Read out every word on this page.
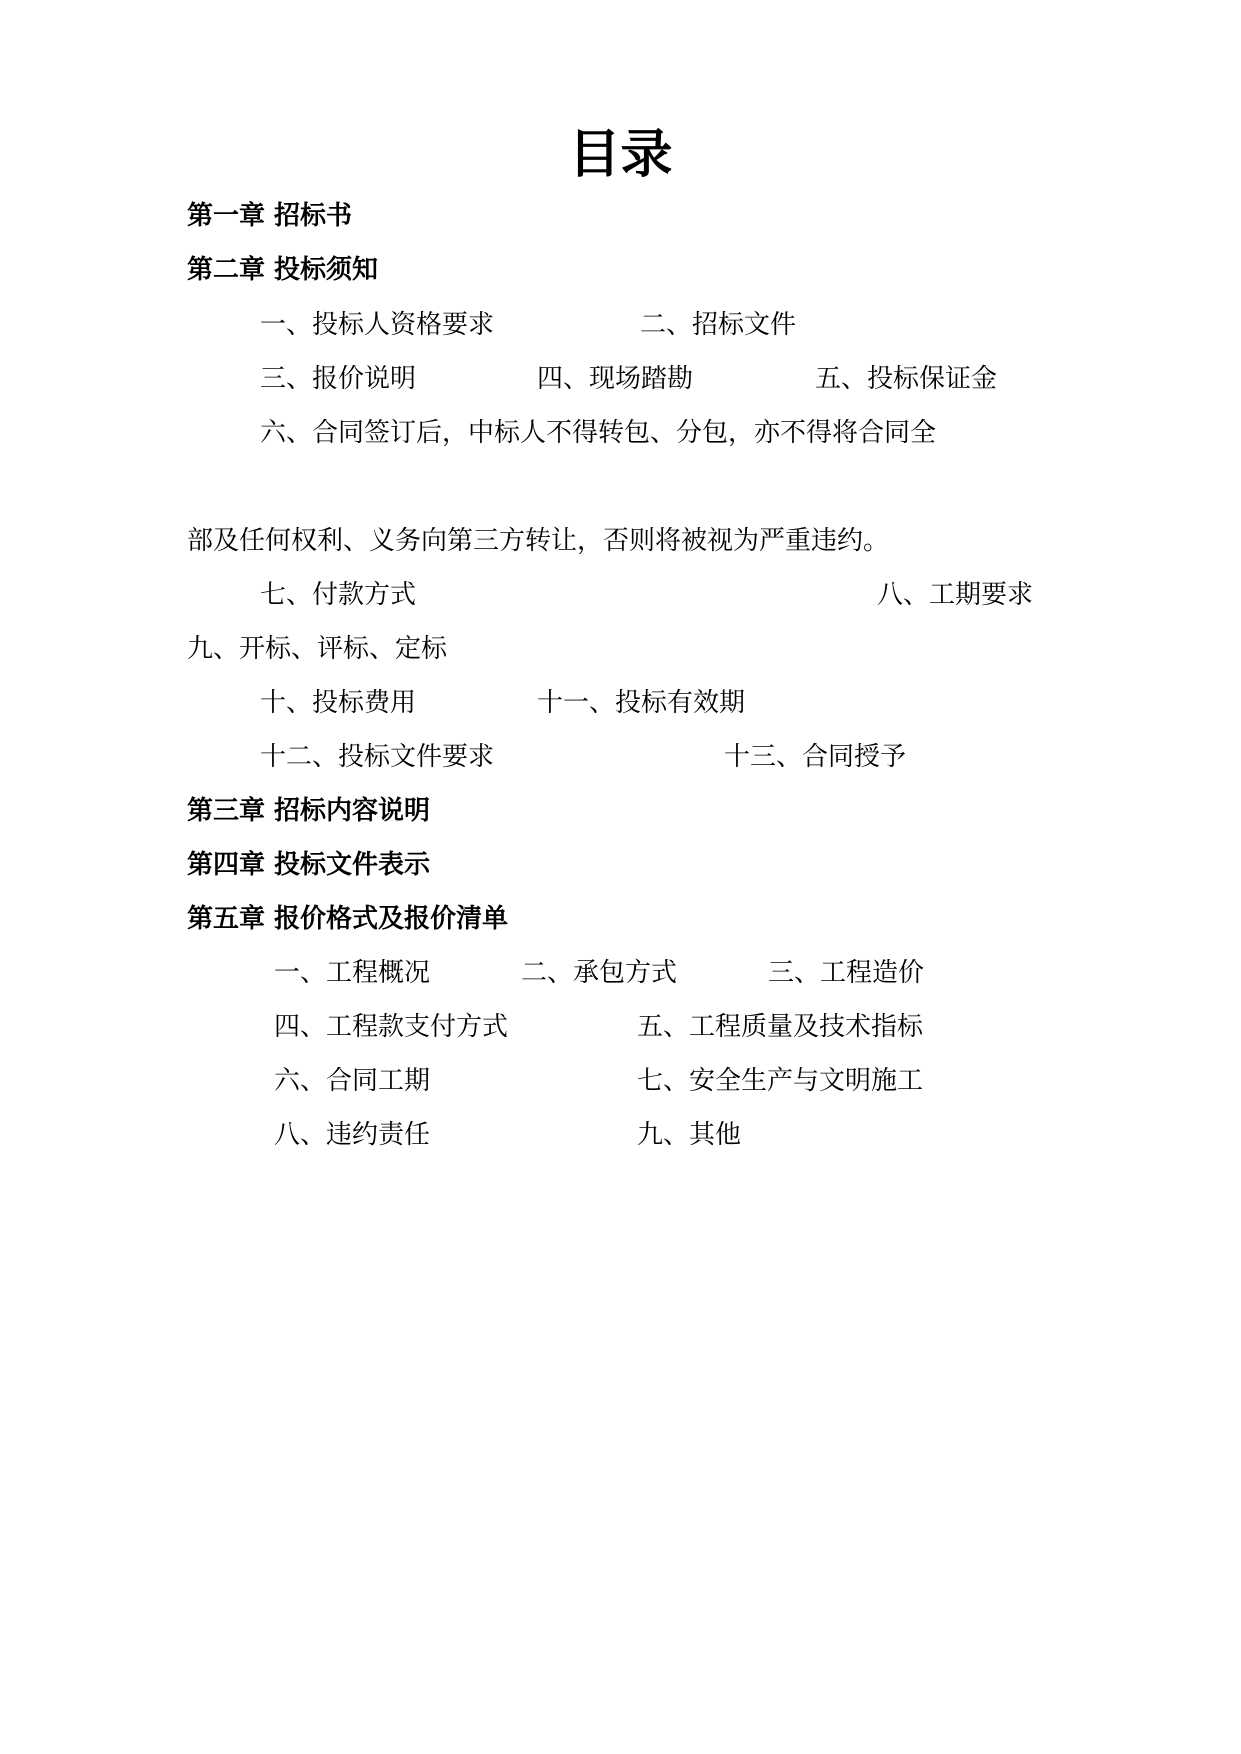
目录
第一章 招标书
第二章 投标须知
一、投标人资格要求	二、招标文件
三、报价说明	四、现场踏勘	五、投标保证金
六、合同签订后，中标人不得转包、分包，亦不得将合同全
部及任何权利、义务向第三方转让，否则将被视为严重违约。
七、付款方式	八、工期要求
九、开标、评标、定标
十、投标费用	十一、投标有效期
十二、投标文件要求	十三、合同授予
第三章 招标内容说明
第四章 投标文件表示
第五章 报价格式及报价清单
一、工程概况	二、承包方式	三、工程造价
四、工程款支付方式	五、工程质量及技术指标
六、合同工期	七、安全生产与文明施工
八、违约责任	九、其他
